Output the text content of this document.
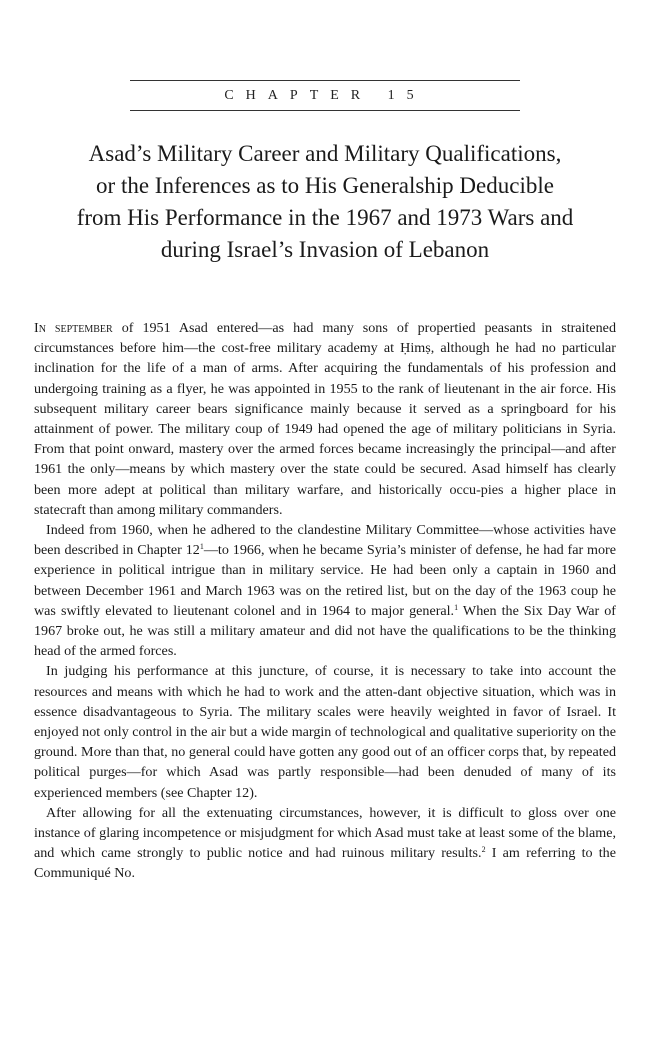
CHAPTER 15
Asad’s Military Career and Military Qualifications,
or the Inferences as to His Generalship Deducible
from His Performance in the 1967 and 1973 Wars and
during Israel’s Invasion of Lebanon

In september of 1951 Asad entered—as had many sons of propertied peasants in straitened circumstances before him—the cost-free military academy at Ḥimṣ, although he had no particular inclination for the life of a man of arms. After acquiring the fundamentals of his profession and undergoing training as a flyer, he was appointed in 1955 to the rank of lieutenant in the air force. His subsequent military career bears significance mainly because it served as a springboard for his attainment of power. The military coup of 1949 had opened the age of military politicians in Syria. From that point onward, mastery over the armed forces became increasingly the principal—and after 1961 the only—means by which mastery over the state could be secured. Asad himself has clearly been more adept at political than military warfare, and historically occu-pies a higher place in statecraft than among military commanders.

Indeed from 1960, when he adhered to the clandestine Military Committee—whose activities have been described in Chapter $12^1—to$ 1966, when he became Syria’s minister of defense, he had far more experience in political intrigue than in military service. He had been only a captain in 1960 and between December 1961 and March 1963 was on the retired list, but on the day of the 1963 coup he was swiftly elevated to lieutenant colonel and in 1964 to major general.$^1$ When the Six Day War of 1967 broke out, he was still a military amateur and did not have the qualifications to be the thinking head of the armed forces.

In judging his performance at this juncture, of course, it is necessary to take into account the resources and means with which he had to work and the atten-dant objective situation, which was in essence disadvantageous to Syria. The military scales were heavily weighted in favor of Israel. It enjoyed not only control in the air but a wide margin of technological and qualitative superiority on the ground. More than that, no general could have gotten any good out of an officer corps that, by repeated political purges—for which Asad was partly responsible—had been denuded of many of its experienced members (see Chapter 12).

After allowing for all the extenuating circumstances, however, it is difficult to gloss over one instance of glaring incompetence or misjudgment for which Asad must take at least some of the blame, and which came strongly to public notice and had ruinous military results.$^2$ I am referring to the Communiqué No.
